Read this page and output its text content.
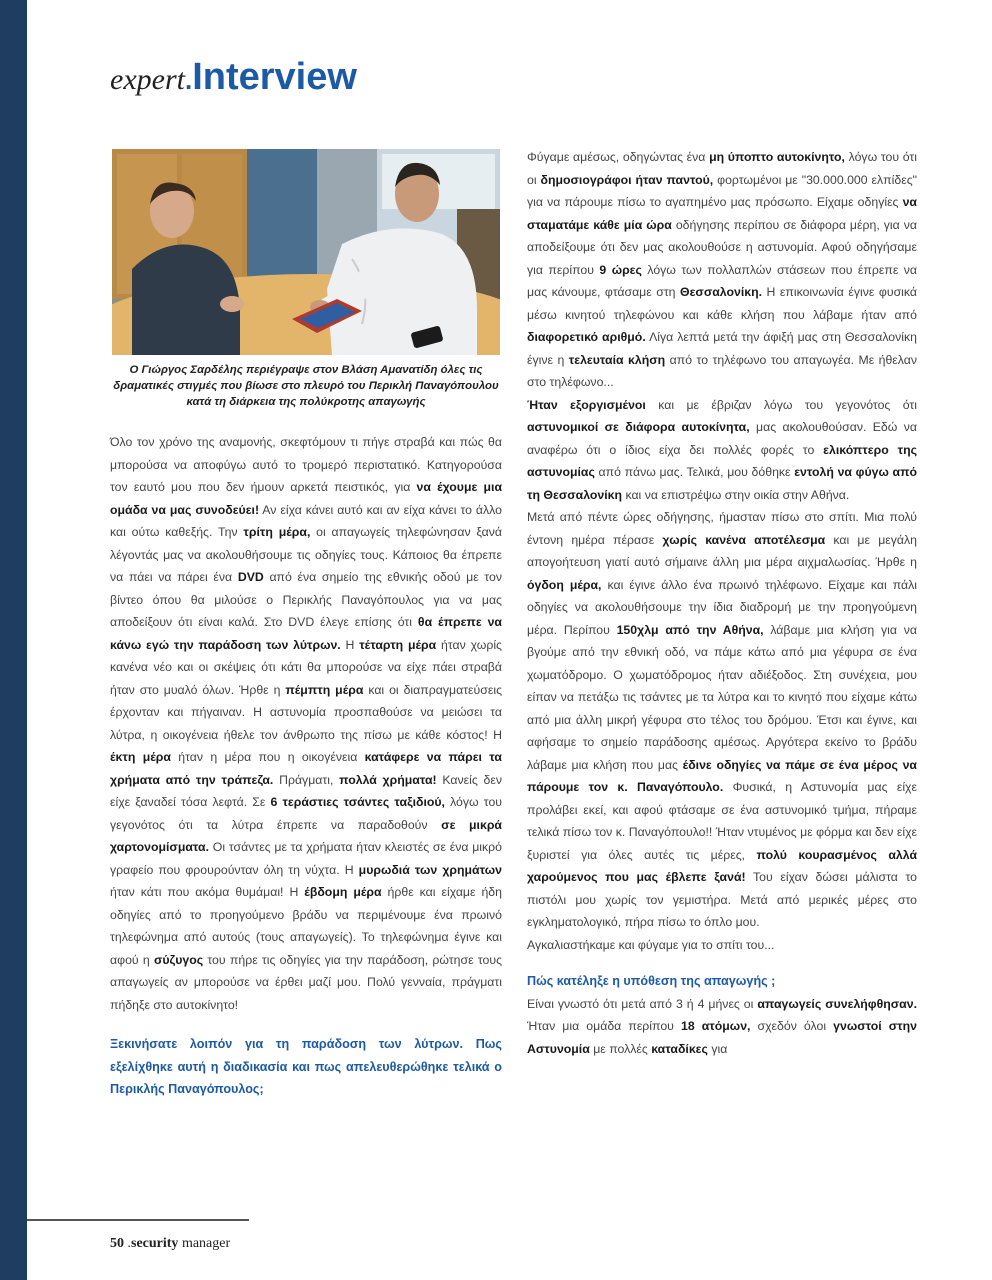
expert.Interview
Ο Γιώργος Σαρδέλης περιέγραψε στον Βλάση Αμανατίδη όλες τις δραματικές στιγμές που βίωσε στο πλευρό του Περικλή Παναγόπουλου κατά τη διάρκεια της πολύκροτης απαγωγής

Όλο τον χρόνο της αναμονής, σκεφτόμουν τι πήγε στραβά και πώς θα μπορούσα να αποφύγω αυτό το τρομερό περιστατικό. Κατηγορούσα τον εαυτό μου που δεν ήμουν αρκετά πειστικός, για να έχουμε μια ομάδα να μας συνοδεύει! Αν είχα κάνει αυτό και αν είχα κάνει το άλλο και ούτω καθεξής. Την τρίτη μέρα, οι απαγωγείς τηλεφώνησαν ξανά λέγοντάς μας να ακολουθήσουμε τις οδηγίες τους. Κάποιος θα έπρεπε να πάει να πάρει ένα DVD από ένα σημείο της εθνικής οδού με τον βίντεο όπου θα μιλούσε ο Περικλής Παναγόπουλος για να μας αποδείξουν ότι είναι καλά. Στο DVD έλεγε επίσης ότι θα έπρεπε να κάνω εγώ την παράδοση των λύτρων. Η τέταρτη μέρα ήταν χωρίς κανένα νέο και οι σκέψεις ότι κάτι θα μπορούσε να είχε πάει στραβά ήταν στο μυαλό όλων. Ήρθε η πέμπτη μέρα και οι διαπραγματεύσεις έρχονταν και πήγαιναν. Η αστυνομία προσπαθούσε να μειώσει τα λύτρα, η οικογένεια ήθελε τον άνθρωπο της πίσω με κάθε κόστος! Η έκτη μέρα ήταν η μέρα που η οικογένεια κατάφερε να πάρει τα χρήματα από την τράπεζα. Πράγματι, πολλά χρήματα! Κανείς δεν είχε ξαναδεί τόσα λεφτά. Σε 6 τεράστιες τσάντες ταξιδιού, λόγω του γεγονότος ότι τα λύτρα έπρεπε να παραδοθούν σε μικρά χαρτονομίσματα. Οι τσάντες με τα χρήματα ήταν κλειστές σε ένα μικρό γραφείο που φρουρούνταν όλη τη νύχτα. Η μυρωδιά των χρημάτων ήταν κάτι που ακόμα θυμάμαι! Η έβδομη μέρα ήρθε και είχαμε ήδη οδηγίες από το προηγούμενο βράδυ να περιμένουμε ένα πρωινό τηλεφώνημα από αυτούς (τους απαγωγείς). Το τηλεφώνημα έγινε και αφού η σύζυγος του πήρε τις οδηγίες για την παράδοση, ρώτησε τους απαγωγείς αν μπορούσε να έρθει μαζί μου. Πολύ γενναία, πράγματι πήδηξε στο αυτοκίνητο!

Ξεκινήσατε λοιπόν για τη παράδοση των λύτρων. Πως εξελίχθηκε αυτή η διαδικασία και πως απελευθερώθηκε τελικά ο Περικλής Παναγόπουλος;

Φύγαμε αμέσως, οδηγώντας ένα μη ύποπτο αυτοκίνητο, λόγω του ότι οι δημοσιογράφοι ήταν παντού, φορτωμένοι με "30.000.000 ελπίδες" για να πάρουμε πίσω το αγαπημένο μας πρόσωπο. Είχαμε οδηγίες να σταματάμε κάθε μία ώρα οδήγησης περίπου σε διάφορα μέρη, για να αποδείξουμε ότι δεν μας ακολουθούσε η αστυνομία. Αφού οδηγήσαμε για περίπου 9 ώρες λόγω των πολλαπλών στάσεων που έπρεπε να μας κάνουμε, φτάσαμε στη Θεσσαλονίκη. Η επικοινωνία έγινε φυσικά μέσω κινητού τηλεφώνου και κάθε κλήση που λάβαμε ήταν από διαφορετικό αριθμό. Λίγα λεπτά μετά την άφιξή μας στη Θεσσαλονίκη έγινε η τελευταία κλήση από το τηλέφωνο του απαγωγέα. Με ήθελαν στο τηλέφωνο...

Ήταν εξοργισμένοι και με έβριζαν λόγω του γεγονότος ότι αστυνομικοί σε διάφορα αυτοκίνητα, μας ακολουθούσαν. Εδώ να αναφέρω ότι ο ίδιος είχα δει πολλές φορές το ελικόπτερο της αστυνομίας από πάνω μας. Τελικά, μου δόθηκε εντολή να φύγω από τη Θεσσαλονίκη και να επιστρέψω στην οικία στην Αθήνα.

Μετά από πέντε ώρες οδήγησης, ήμασταν πίσω στο σπίτι. Μια πολύ έντονη ημέρα πέρασε χωρίς κανένα αποτέλεσμα και με μεγάλη απογοήτευση γιατί αυτό σήμαινε άλλη μια μέρα αιχμαλωσίας. Ήρθε η όγδοη μέρα, και έγινε άλλο ένα πρωινό τηλέφωνο. Είχαμε και πάλι οδηγίες να ακολουθήσουμε την ίδια διαδρομή με την προηγούμενη μέρα. Περίπου 150χλμ από την Αθήνα, λάβαμε μια κλήση για να βγούμε από την εθνική οδό, να πάμε κάτω από μια γέφυρα σε ένα χωματόδρομο. Ο χωματόδρομος ήταν αδιέξοδος. Στη συνέχεια, μου είπαν να πετάξω τις τσάντες με τα λύτρα και το κινητό που είχαμε κάτω από μια άλλη μικρή γέφυρα στο τέλος του δρόμου. Έτσι και έγινε, και αφήσαμε το σημείο παράδοσης αμέσως. Αργότερα εκείνο το βράδυ λάβαμε μια κλήση που μας έδινε οδηγίες να πάμε σε ένα μέρος να πάρουμε τον κ. Παναγόπουλο. Φυσικά, η Αστυνομία μας είχε προλάβει εκεί, και αφού φτάσαμε σε ένα αστυνομικό τμήμα, πήραμε τελικά πίσω τον κ. Παναγόπουλο!! Ήταν ντυμένος με φόρμα και δεν είχε ξυριστεί για όλες αυτές τις μέρες, πολύ κουρασμένος αλλά χαρούμενος που μας έβλεπε ξανά! Του είχαν δώσει μάλιστα το πιστόλι μου χωρίς τον γεμιστήρα. Μετά από μερικές μέρες στο εγκληματολογικό, πήρα πίσω το όπλο μου.

Αγκαλιαστήκαμε και φύγαμε για το σπίτι του...

Πώς κατέληξε η υπόθεση της απαγωγής ;

Είναι γνωστό ότι μετά από 3 ή 4 μήνες οι απαγωγείς συνελήφθησαν. Ήταν μια ομάδα περίπου 18 ατόμων, σχεδόν όλοι γνωστοί στην Αστυνομία με πολλές καταδίκες για

50 .security manager
